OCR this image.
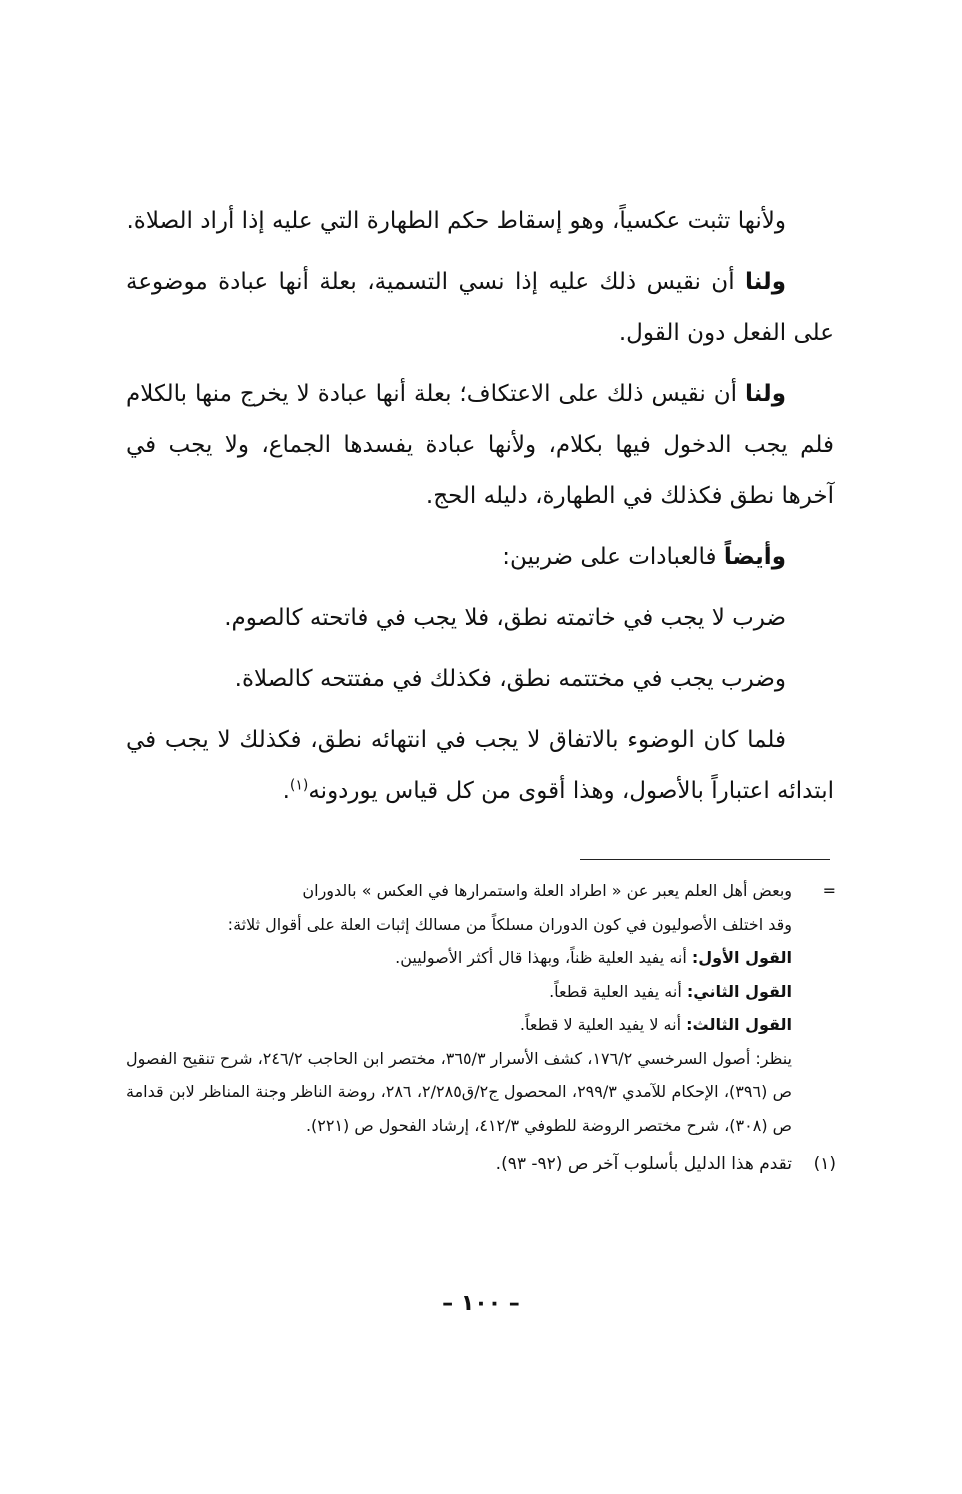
ولأنها تثبت عكسياً، وهو إسقاط حكم الطهارة التي عليه إذا أراد الصلاة.

ولنا أن نقيس ذلك عليه إذا نسي التسمية، بعلة أنها عبادة موضوعة على الفعل دون القول.

ولنا أن نقيس ذلك على الاعتكاف؛ بعلة أنها عبادة لا يخرج منها بالكلام فلم يجب الدخول فيها بكلام، ولأنها عبادة يفسدها الجماع، ولا يجب في آخرها نطق فكذلك في الطهارة، دليله الحج.

وأيضاً فالعبادات على ضربين:

ضرب لا يجب في خاتمته نطق، فلا يجب في فاتحته كالصوم.

وضرب يجب في مختتمه نطق، فكذلك في مفتتحه كالصلاة.

فلما كان الوضوء بالاتفاق لا يجب في انتهائه نطق، فكذلك لا يجب في ابتدائه اعتباراً بالأصول، وهذا أقوى من كل قياس يوردونه$^{(١)}$.

=

وبعض أهل العلم يعبر عن « اطراد العلة واستمرارها في العكس » بالدوران

وقد اختلف الأصوليون في كون الدوران مسلكاً من مسالك إثبات العلة على أقوال ثلاثة:

القول الأول: أنه يفيد العلية ظناً، وبهذا قال أكثر الأصوليين.

القول الثاني: أنه يفيد العلية قطعاً.

القول الثالث: أنه لا يفيد العلية لا قطعاً.

ينظر: أصول السرخسي ١٧٦/٢، كشف الأسرار ٣٦٥/٣، مختصر ابن الحاجب ٢٤٦/٢، شرح تنقيح الفصول ص (٣٩٦)، الإحكام للآمدي ٢٩٩/٣، المحصول ج٢/ق٢/٢٨٥، ٢٨٦، روضة الناظر وجنة المناظر لابن قدامة ص (٣٠٨)، شرح مختصر الروضة للطوفي ٤١٢/٣، إرشاد الفحول ص (٢٢١).

(١)

تقدم هذا الدليل بأسلوب آخر ص (٩٢- ٩٣).

– ١٠٠ –
